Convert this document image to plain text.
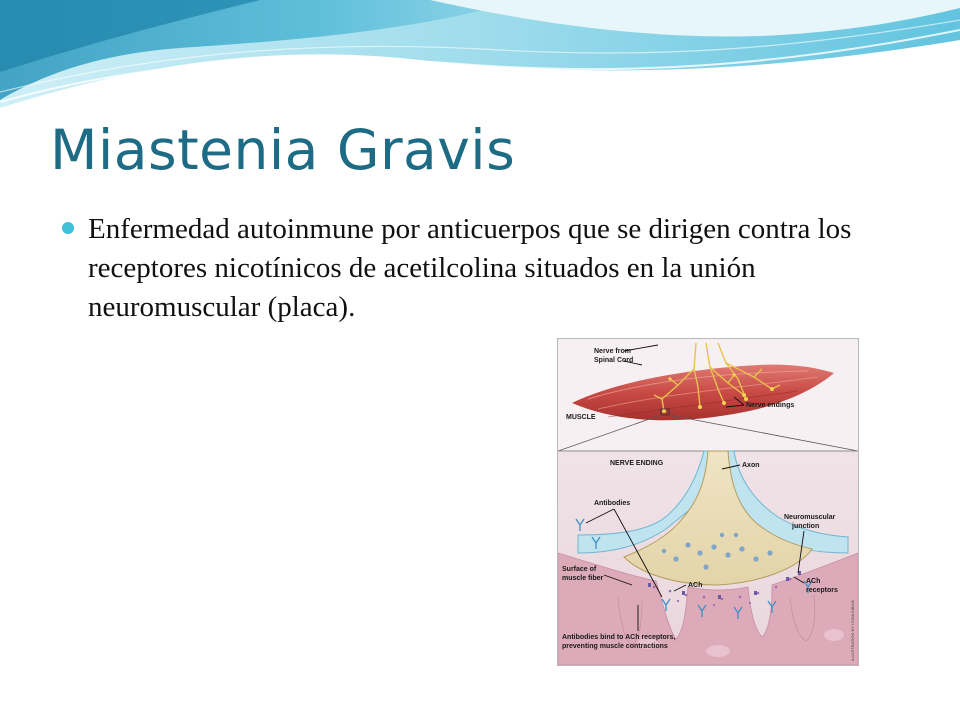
Miastenia Gravis
Enfermedad autoinmune por anticuerpos que se dirigen contra los receptores nicotínicos de acetilcolina situados en la unión neuromuscular (placa).
Nerve from
Spinal Cord
MUSCLE
Nerve endings
NERVE ENDING	Axon
Antibodies
Neuromuscular
junction
Surface of
muscle fiber
ACh
ACh
receptors
Antibodies bind to ACh receptors,
preventing muscle contractions	ILLUSTRATION BY LYDIA KIBIUK
